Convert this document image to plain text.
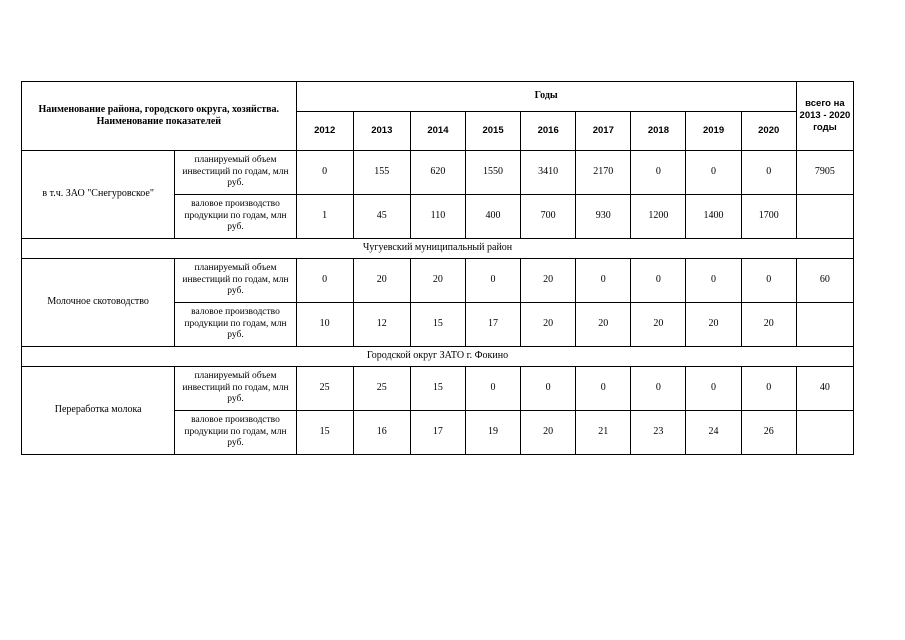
Наименование района, городского округа, хозяйства. Наименование показателей		Годы									всего на 2013 - 2020 годы
		2012	2013	2014	2015	2016	2017	2018	2019	2020	
в т.ч. ЗАО "Снегуровское"	планируемый объем инвестиций по годам, млн руб.	0	155	620	1550	3410	2170	0	0	0	7905
	валовое производство продукции по годам, млн руб.	1	45	110	400	700	930	1200	1400	1700	
Чугуевский муниципальный район											
Молочное скотоводство	планируемый объем инвестиций по годам, млн руб.	0	20	20	0	20	0	0	0	0	60
	валовое производство продукции по годам, млн руб.	10	12	15	17	20	20	20	20	20	
Городской округ ЗАТО г. Фокино											
Переработка молока	планируемый объем инвестиций по годам, млн руб.	25	25	15	0	0	0	0	0	0	40
	валовое производство продукции по годам, млн руб.	15	16	17	19	20	21	23	24	26	
